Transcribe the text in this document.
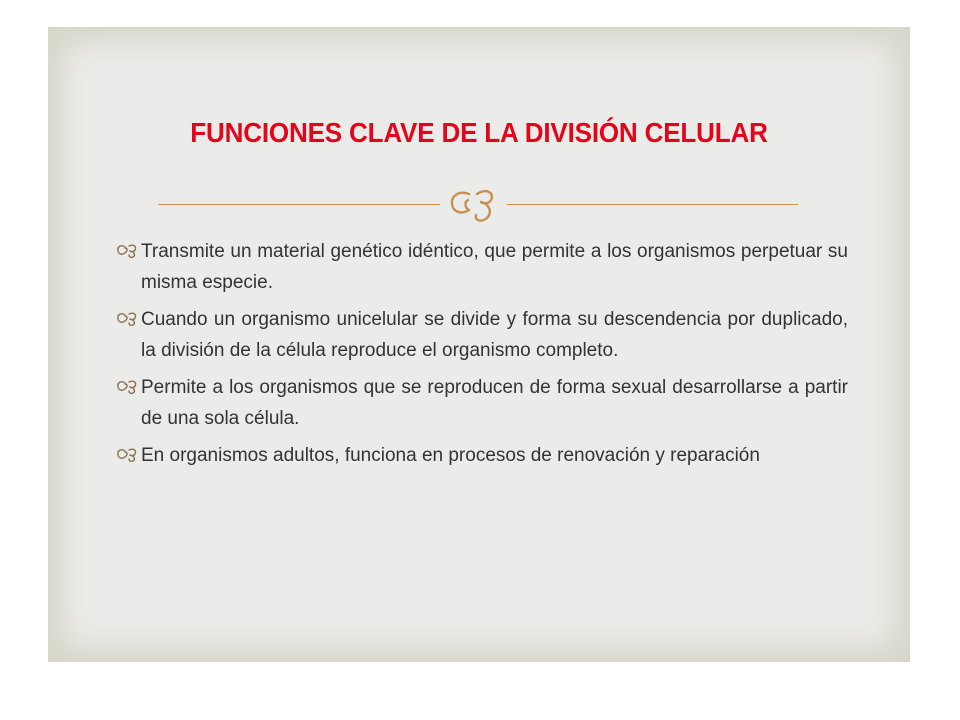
FUNCIONES CLAVE DE LA DIVISIÓN CELULAR
Transmite un material genético idéntico, que permite a los organismos perpetuar su misma especie.
Cuando un organismo unicelular se divide y forma su descendencia por duplicado, la división de la célula reproduce el organismo completo.
Permite a los organismos que se reproducen de forma sexual desarrollarse a partir de una sola célula.
En organismos adultos, funciona en procesos de renovación y reparación
